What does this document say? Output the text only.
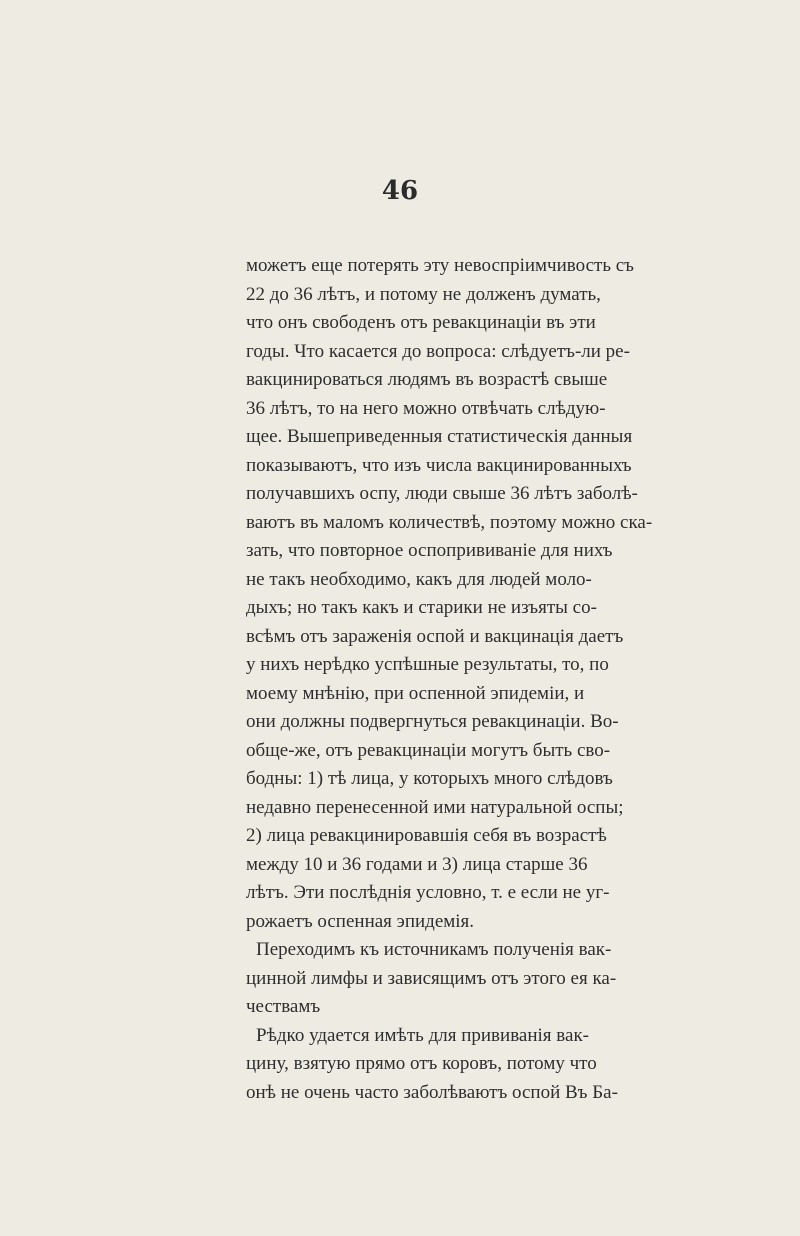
46
можетъ еще потерять эту невоспріимчивость съ
22 до 36 лѣтъ, и потому не долженъ думать,
что онъ свободенъ отъ ревакцинаціи въ эти
годы. Что касается до вопроса: слѣдуетъ-ли ре-
вакцинироваться людямъ въ возрастѣ свыше
36 лѣтъ, то на него можно отвѣчать слѣдую-
щее. Вышеприведенныя статистическія данныя
показываютъ, что изъ числа вакцинированныхъ
получавшихъ оспу, люди свыше 36 лѣтъ заболѣ-
ваютъ въ маломъ количествѣ, поэтому можно ска-
зать, что повторное оспопрививаніе для нихъ
не такъ необходимо, какъ для людей моло-
дыхъ; но такъ какъ и старики не изъяты со-
всѣмъ отъ зараженія оспой и вакцинація даетъ
у нихъ нерѣдко успѣшные результаты, то, по
моему мнѣнію, при оспенной эпидеміи, и
они должны подвергнуться ревакцинаціи. Во-
обще-же, отъ ревакцинаціи могутъ быть сво-
бодны: 1) тѣ лица, у которыхъ много слѣдовъ
недавно перенесенной ими натуральной оспы;
2) лица ревакцинировавшія себя въ возрастѣ
между 10 и 36 годами и 3) лица старше 36
лѣтъ. Эти послѣднія условно, т. е если не уг-
рожаетъ оспенная эпидемія.
Переходимъ къ источникамъ полученія вак-
цинной лимфы и зависящимъ отъ этого ея ка-
чествамъ
Рѣдко удается имѣть для прививанія вак-
цину, взятую прямо отъ коровъ, потому что
онѣ не очень часто заболѣваютъ оспой Въ Ба-
